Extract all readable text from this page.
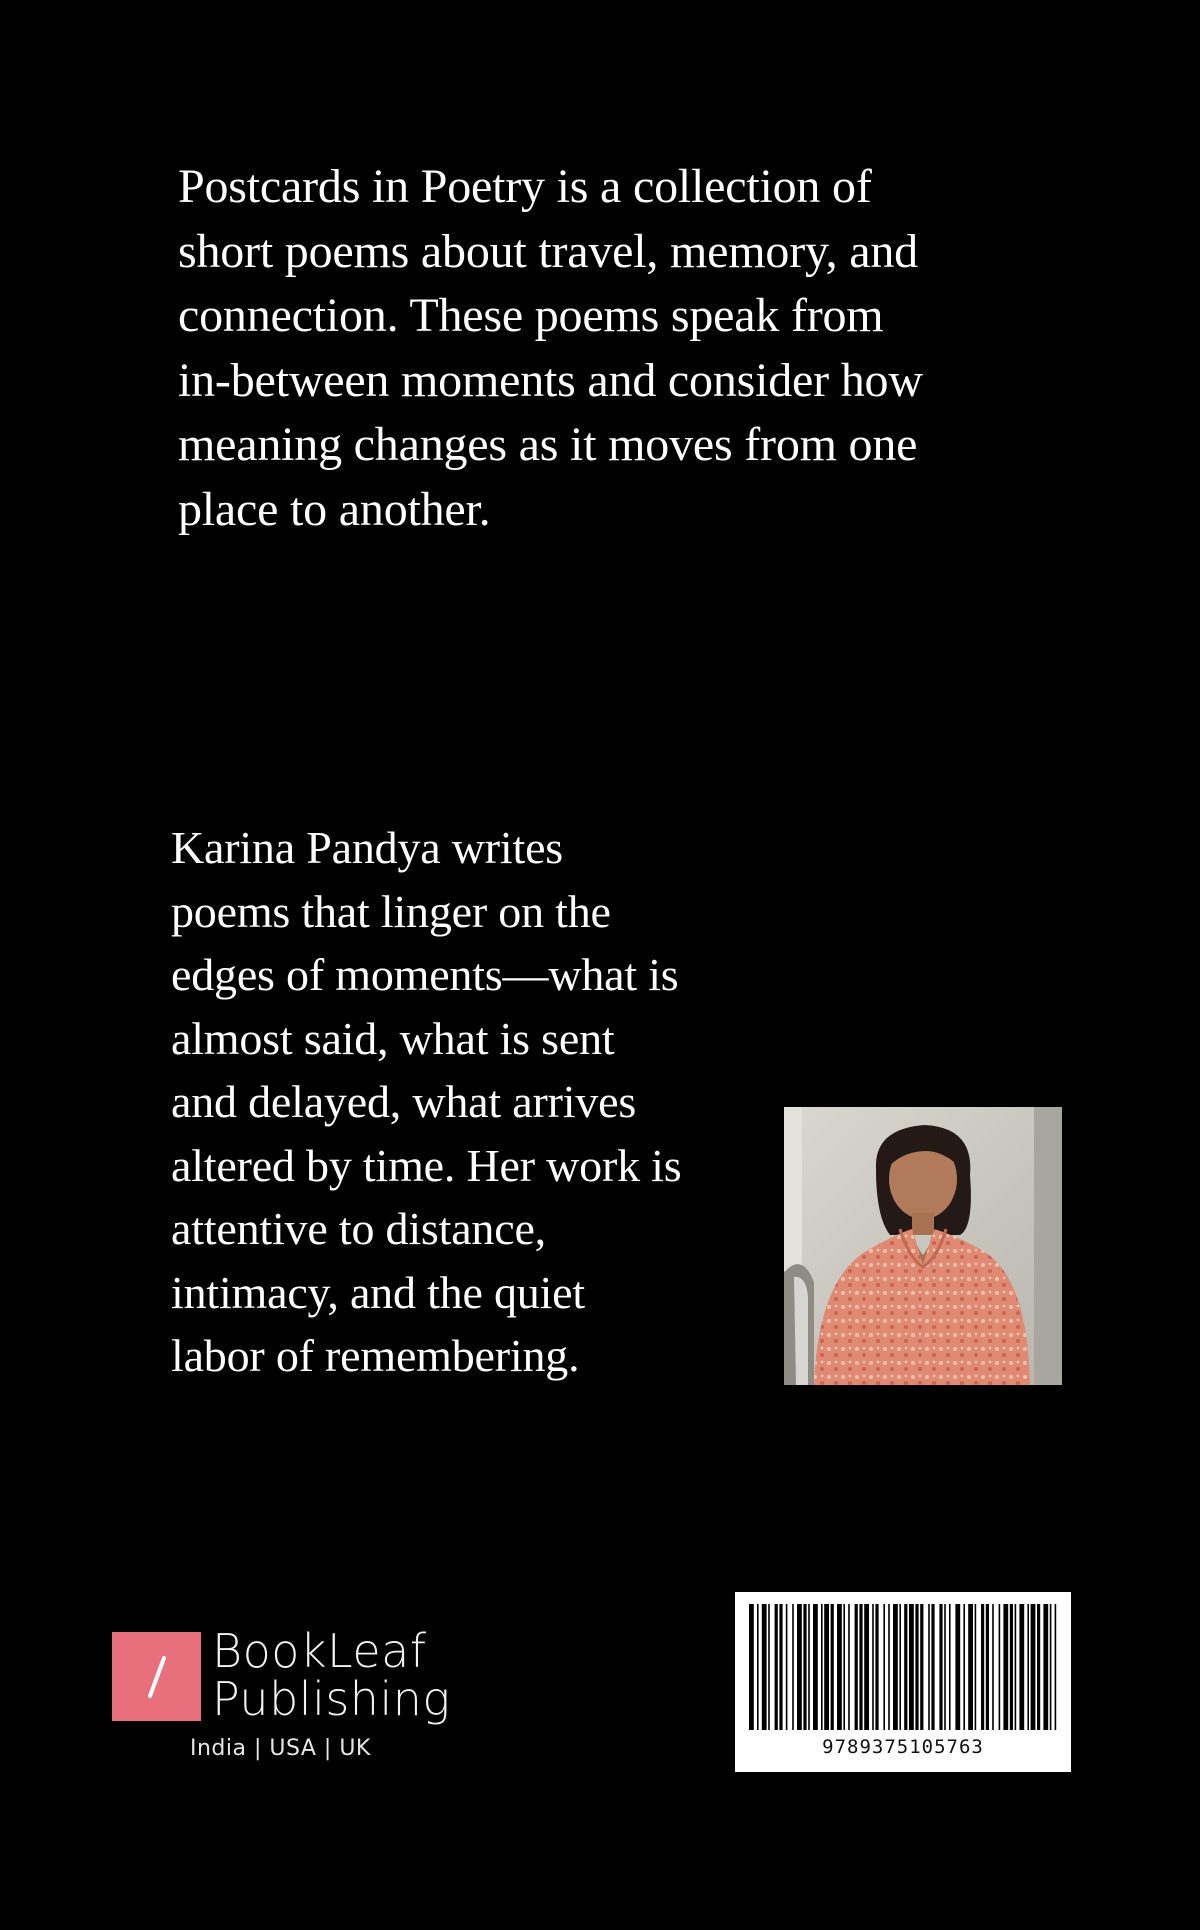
Postcards in Poetry is a collection of
short poems about travel, memory, and
connection. These poems speak from
in-between moments and consider how
meaning changes as it moves from one
place to another.
Karina Pandya writes
poems that linger on the
edges of moments—what is
almost said, what is sent
and delayed, what arrives
altered by time. Her work is
attentive to distance,
intimacy, and the quiet
labor of remembering.
BookLeaf
Publishing
India | USA | UK	9789375105763
